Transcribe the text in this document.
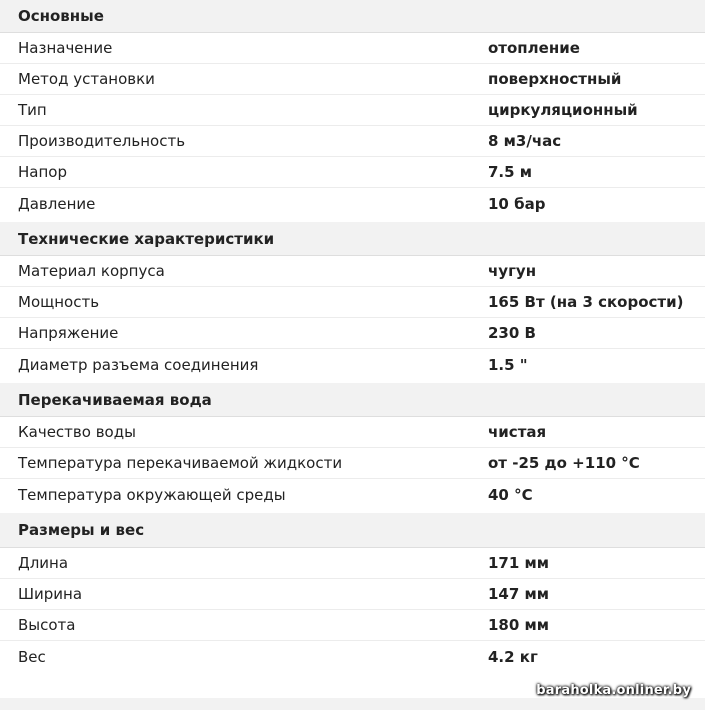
Основные
Назначение	отопление
Метод установки	поверхностный
Тип	циркуляционный
Производительность	8 м3/час
Напор	7.5 м
Давление	10 бар
Технические характеристики
Материал корпуса	чугун
Мощность	165 Вт (на 3 скорости)
Напряжение	230 В
Диаметр разъема соединения	1.5 "
Перекачиваемая вода
Качество воды	чистая
Температура перекачиваемой жидкости	от -25 до +110 °C
Температура окружающей среды	40 °C
Размеры и вес
Длина	171 мм
Ширина	147 мм
Высота	180 мм
Вес	4.2 кг
baraholka.onliner.by
